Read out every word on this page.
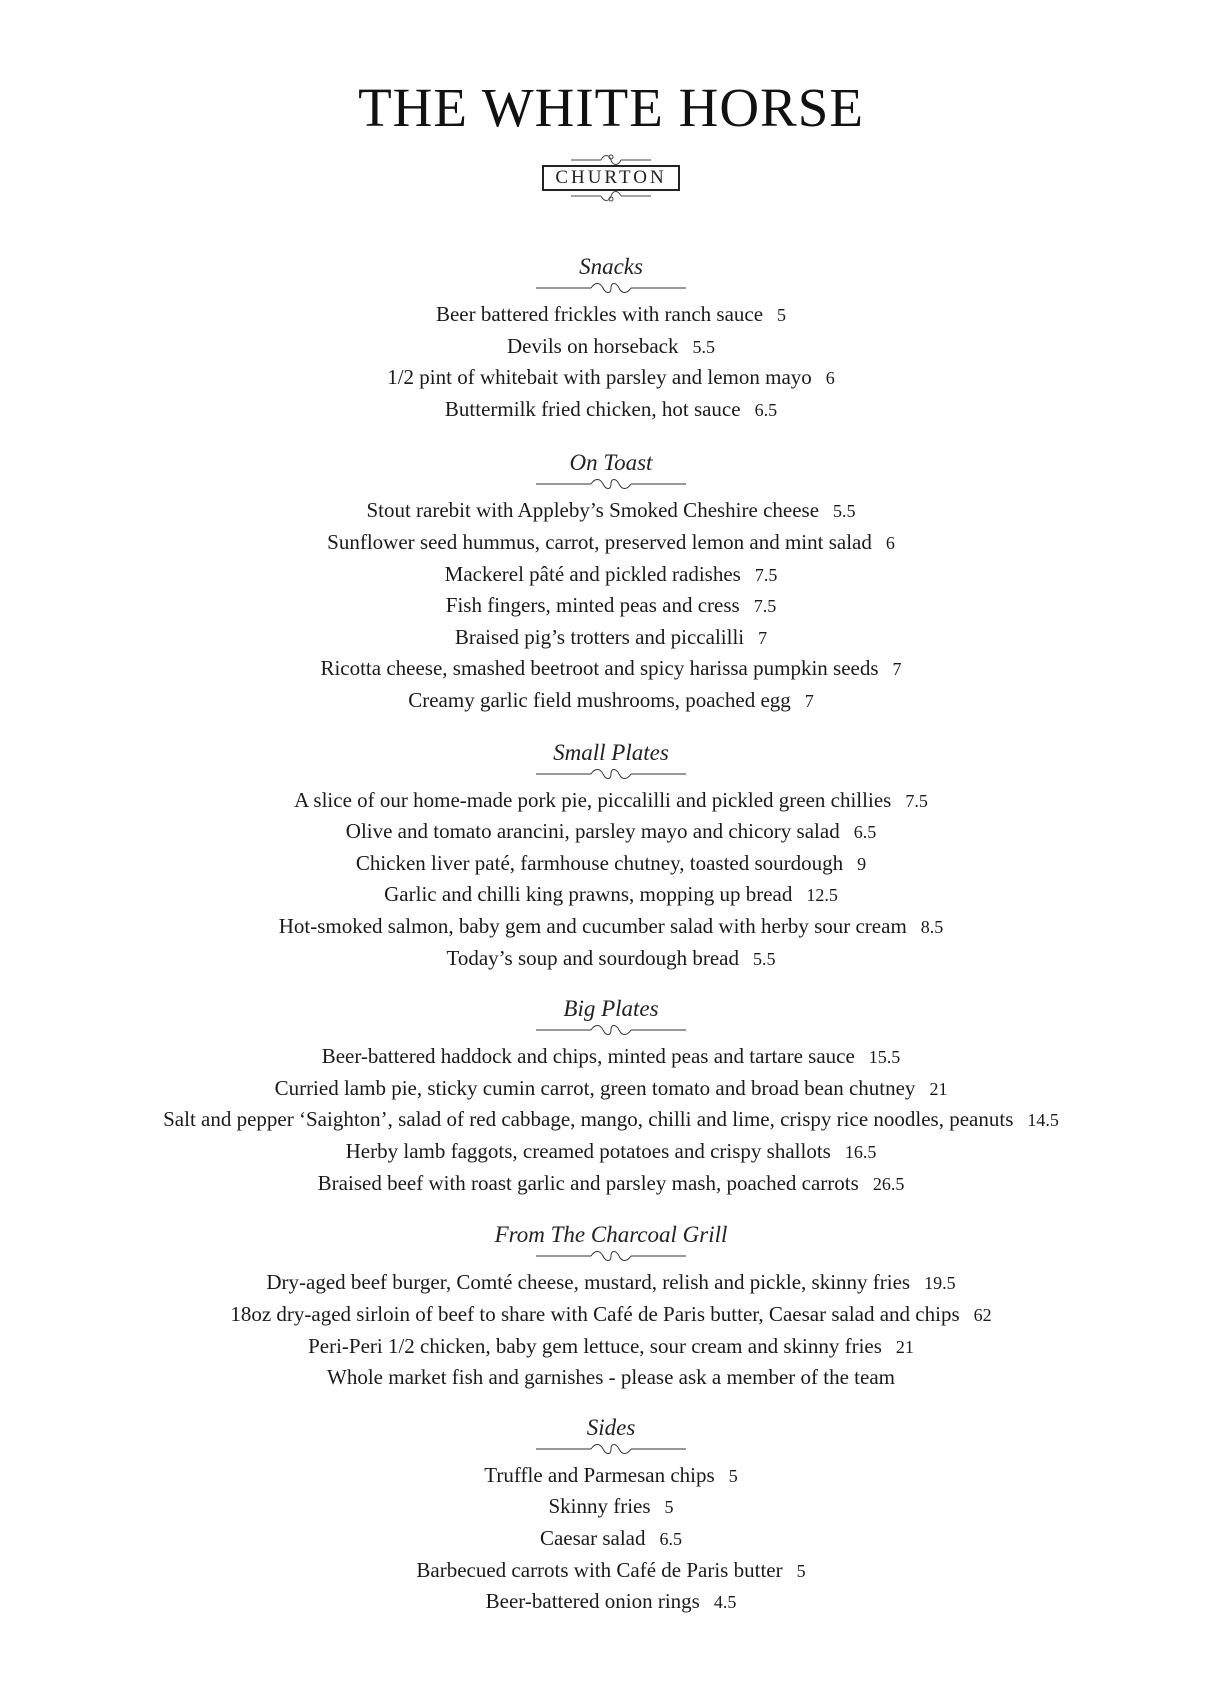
THE WHITE HORSE
CHURTON
Snacks
Beer battered frickles with ranch sauce 5
Devils on horseback 5.5
1/2 pint of whitebait with parsley and lemon mayo 6
Buttermilk fried chicken, hot sauce 6.5
On Toast
Stout rarebit with Appleby’s Smoked Cheshire cheese 5.5
Sunflower seed hummus, carrot, preserved lemon and mint salad 6
Mackerel pâté and pickled radishes 7.5
Fish fingers, minted peas and cress 7.5
Braised pig’s trotters and piccalilli 7
Ricotta cheese, smashed beetroot and spicy harissa pumpkin seeds 7
Creamy garlic field mushrooms, poached egg 7
Small Plates
A slice of our home-made pork pie, piccalilli and pickled green chillies 7.5
Olive and tomato arancini, parsley mayo and chicory salad 6.5
Chicken liver paté, farmhouse chutney, toasted sourdough 9
Garlic and chilli king prawns, mopping up bread 12.5
Hot-smoked salmon, baby gem and cucumber salad with herby sour cream 8.5
Today’s soup and sourdough bread 5.5
Big Plates
Beer-battered haddock and chips, minted peas and tartare sauce 15.5
Curried lamb pie, sticky cumin carrot, green tomato and broad bean chutney 21
Salt and pepper ‘Saighton’, salad of red cabbage, mango, chilli and lime, crispy rice noodles, peanuts 14.5
Herby lamb faggots, creamed potatoes and crispy shallots 16.5
Braised beef with roast garlic and parsley mash, poached carrots 26.5
From The Charcoal Grill
Dry-aged beef burger, Comté cheese, mustard, relish and pickle, skinny fries 19.5
18oz dry-aged sirloin of beef to share with Café de Paris butter, Caesar salad and chips 62
Peri-Peri 1/2 chicken, baby gem lettuce, sour cream and skinny fries 21
Whole market fish and garnishes - please ask a member of the team
Sides
Truffle and Parmesan chips 5
Skinny fries 5
Caesar salad 6.5
Barbecued carrots with Café de Paris butter 5
Beer-battered onion rings 4.5
